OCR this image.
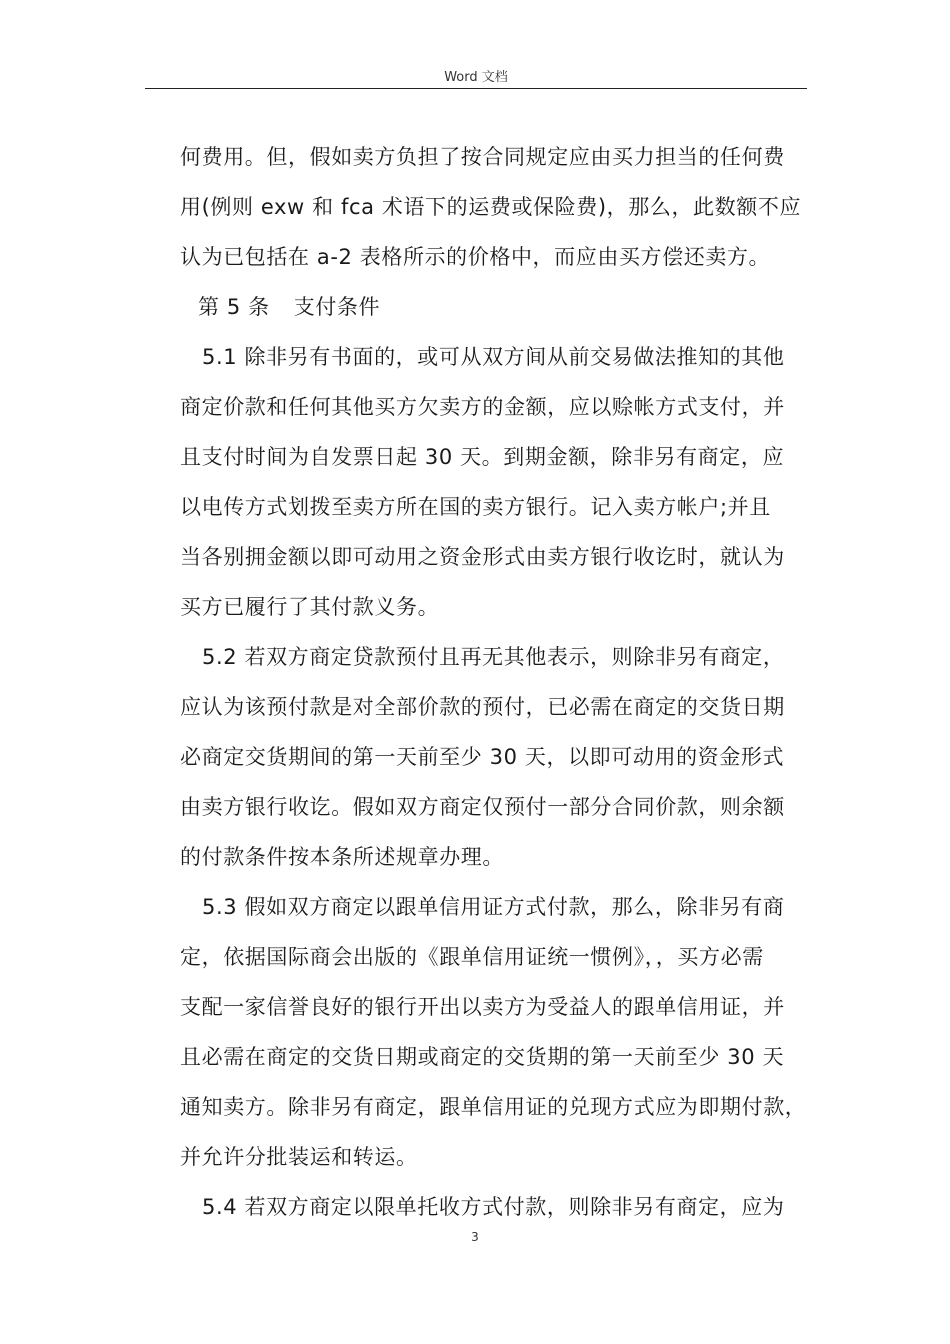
Word 文档
何费用。但，假如卖方负担了按合同规定应由买力担当的任何费
用(例则 exw 和 fca 术语下的运费或保险费)，那么，此数额不应
认为已包括在 a-2 表格所示的价格中，而应由买方偿还卖方。
第 5 条 支付条件
5.1 除非另有书面的，或可从双方间从前交易做法推知的其他
商定价款和任何其他买方欠卖方的金额，应以赊帐方式支付，并
且支付时间为自发票日起 30 天。到期金额，除非另有商定，应
以电传方式划拨至卖方所在国的卖方银行。记入卖方帐户;并且
当各别拥金额以即可动用之资金形式由卖方银行收讫时，就认为
买方已履行了其付款义务。
5.2 若双方商定贷款预付且再无其他表示，则除非另有商定，
应认为该预付款是对全部价款的预付，已必需在商定的交货日期
必商定交货期间的第一天前至少 30 天，以即可动用的资金形式
由卖方银行收讫。假如双方商定仅预付一部分合同价款，则余额
的付款条件按本条所述规章办理。
5.3 假如双方商定以跟单信用证方式付款，那么，除非另有商
定，依据国际商会出版的《跟单信用证统一惯例》，，买方必需
支配一家信誉良好的银行开出以卖方为受益人的跟单信用证，并
且必需在商定的交货日期或商定的交货期的第一天前至少 30 天
通知卖方。除非另有商定，跟单信用证的兑现方式应为即期付款，
并允许分批装运和转运。
5.4 若双方商定以限单托收方式付款，则除非另有商定，应为
3
